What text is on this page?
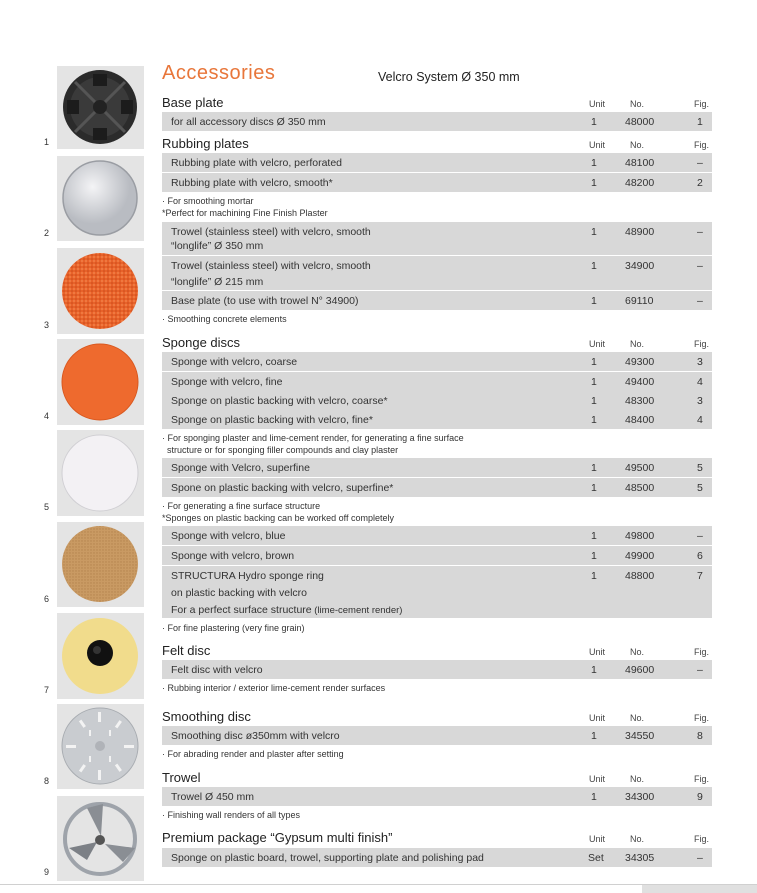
1
2
3
4
5
6
7
8
9
Accessories	Velcro System Ø 350 mm
Base plate	Unit	No.	Fig.
for all accessory discs Ø 350 mm	1	48000	1
Rubbing plates	Unit	No.	Fig.
Rubbing plate with velcro, perforated	1	48100	–
Rubbing plate with velcro, smooth*	1	48200	2
· For smoothing mortar
*Perfect for machining Fine Finish Plaster
Trowel (stainless steel) with velcro, smooth
“longlife” Ø 350 mm
1	48900	–
Trowel (stainless steel) with velcro, smooth
“longlife” Ø 215 mm
1	34900	–
Base plate (to use with trowel N° 34900)	1	69110	–
· Smoothing concrete elements
Sponge discs	Unit	No.	Fig.
Sponge with velcro, coarse	1	49300	3
Sponge with velcro, fine	1	49400	4
Sponge on plastic backing with velcro, coarse*	1	48300	3
Sponge on plastic backing with velcro, fine*	1	48400	4
· For sponging plaster and lime-cement render, for generating a fine surface
structure or for sponging filler compounds and clay plaster
Sponge with Velcro, superfine	1	49500	5
Spone on plastic backing with velcro, superfine*	1	48500	5
· For generating a fine surface structure
*Sponges on plastic backing can be worked off completely
Sponge with velcro, blue	1	49800	–
Sponge with velcro, brown	1	49900	6
STRUCTURA Hydro sponge ring
on plastic backing with velcro
For a perfect surface structure (lime-cement render)
1	48800	7
· For fine plastering (very fine grain)
Felt disc	Unit	No.	Fig.
Felt disc with velcro	1	49600	–
· Rubbing interior / exterior lime-cement render surfaces
Smoothing disc	Unit	No.	Fig.
Smoothing disc ø350mm with velcro	1	34550	8
· For abrading render and plaster after setting
Trowel	Unit	No.	Fig.
Trowel Ø 450 mm	1	34300	9
· Finishing wall renders of all types
Premium package “Gypsum multi finish”	Unit	No.	Fig.
Sponge on plastic board, trowel, supporting plate and polishing pad	Set 34305	–
